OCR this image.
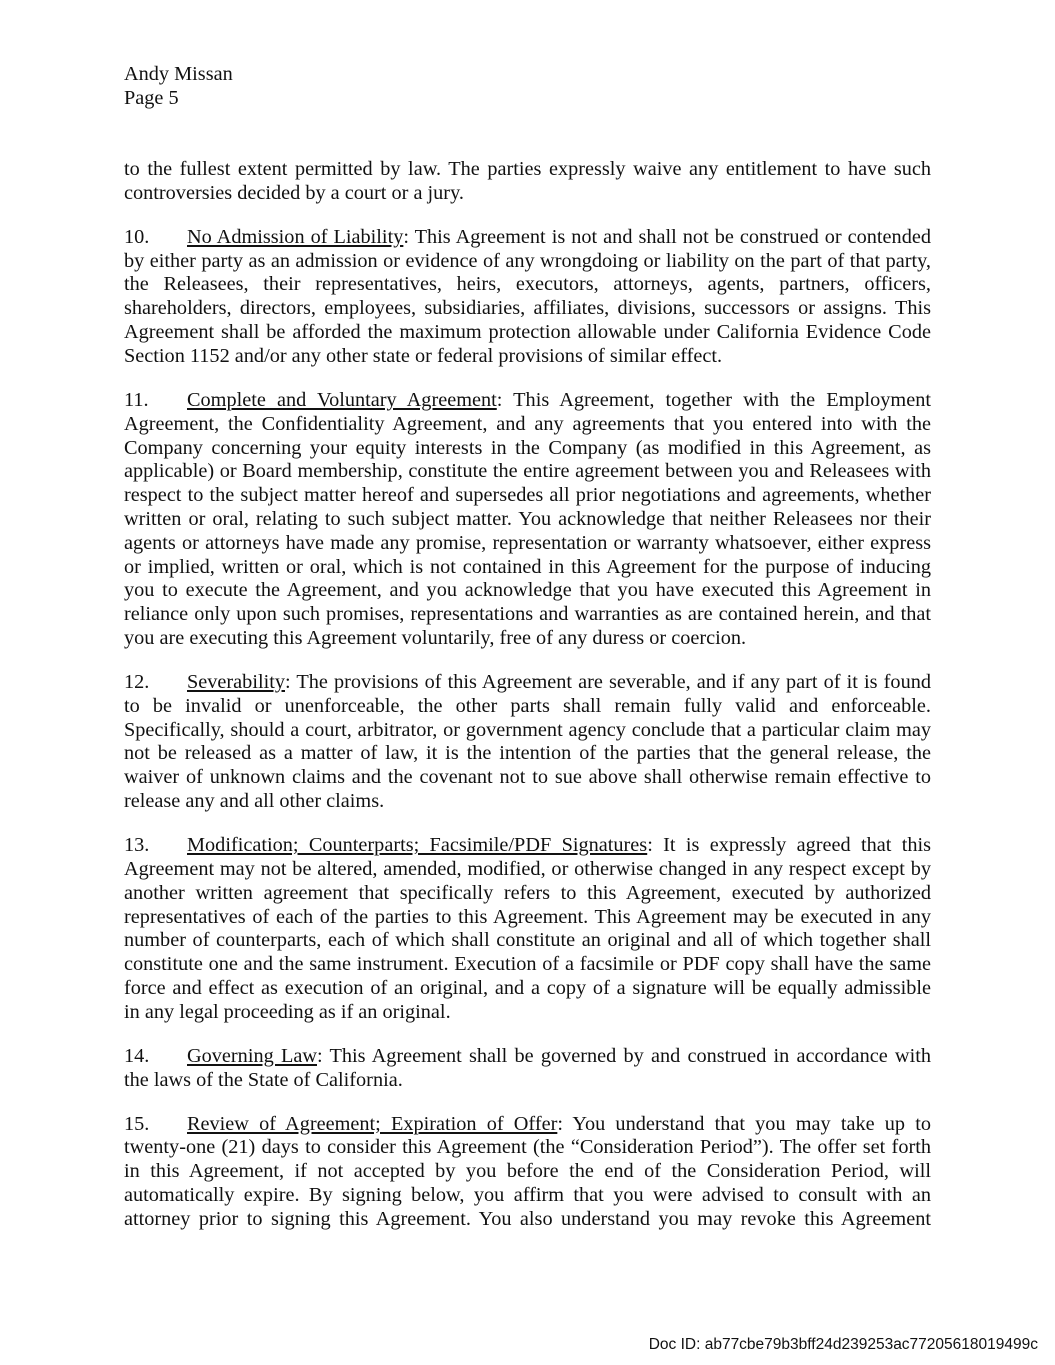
Andy Missan
Page 5
to the fullest extent permitted by law. The parties expressly waive any entitlement to have such
controversies decided by a court or a jury.
10. No Admission of Liability: This Agreement is not and shall not be construed or contended
by either party as an admission or evidence of any wrongdoing or liability on the part of that party,
the Releasees, their representatives, heirs, executors, attorneys, agents, partners, officers,
shareholders, directors, employees, subsidiaries, affiliates, divisions, successors or assigns. This
Agreement shall be afforded the maximum protection allowable under California Evidence Code
Section 1152 and/or any other state or federal provisions of similar effect.
11. Complete and Voluntary Agreement: This Agreement, together with the Employment
Agreement, the Confidentiality Agreement, and any agreements that you entered into with the
Company concerning your equity interests in the Company (as modified in this Agreement, as
applicable) or Board membership, constitute the entire agreement between you and Releasees with
respect to the subject matter hereof and supersedes all prior negotiations and agreements, whether
written or oral, relating to such subject matter. You acknowledge that neither Releasees nor their
agents or attorneys have made any promise, representation or warranty whatsoever, either express
or implied, written or oral, which is not contained in this Agreement for the purpose of inducing
you to execute the Agreement, and you acknowledge that you have executed this Agreement in
reliance only upon such promises, representations and warranties as are contained herein, and that
you are executing this Agreement voluntarily, free of any duress or coercion.
12. Severability: The provisions of this Agreement are severable, and if any part of it is found
to be invalid or unenforceable, the other parts shall remain fully valid and enforceable.
Specifically, should a court, arbitrator, or government agency conclude that a particular claim may
not be released as a matter of law, it is the intention of the parties that the general release, the
waiver of unknown claims and the covenant not to sue above shall otherwise remain effective to
release any and all other claims.
13. Modification; Counterparts; Facsimile/PDF Signatures: It is expressly agreed that this
Agreement may not be altered, amended, modified, or otherwise changed in any respect except by
another written agreement that specifically refers to this Agreement, executed by authorized
representatives of each of the parties to this Agreement. This Agreement may be executed in any
number of counterparts, each of which shall constitute an original and all of which together shall
constitute one and the same instrument. Execution of a facsimile or PDF copy shall have the same
force and effect as execution of an original, and a copy of a signature will be equally admissible
in any legal proceeding as if an original.
14. Governing Law: This Agreement shall be governed by and construed in accordance with
the laws of the State of California.
15. Review of Agreement; Expiration of Offer: You understand that you may take up to
twenty-one (21) days to consider this Agreement (the “Consideration Period”). The offer set forth
in this Agreement, if not accepted by you before the end of the Consideration Period, will
automatically expire. By signing below, you affirm that you were advised to consult with an
attorney prior to signing this Agreement. You also understand you may revoke this Agreement
Doc ID: ab77cbe79b3bff24d239253ac77205618019499c
